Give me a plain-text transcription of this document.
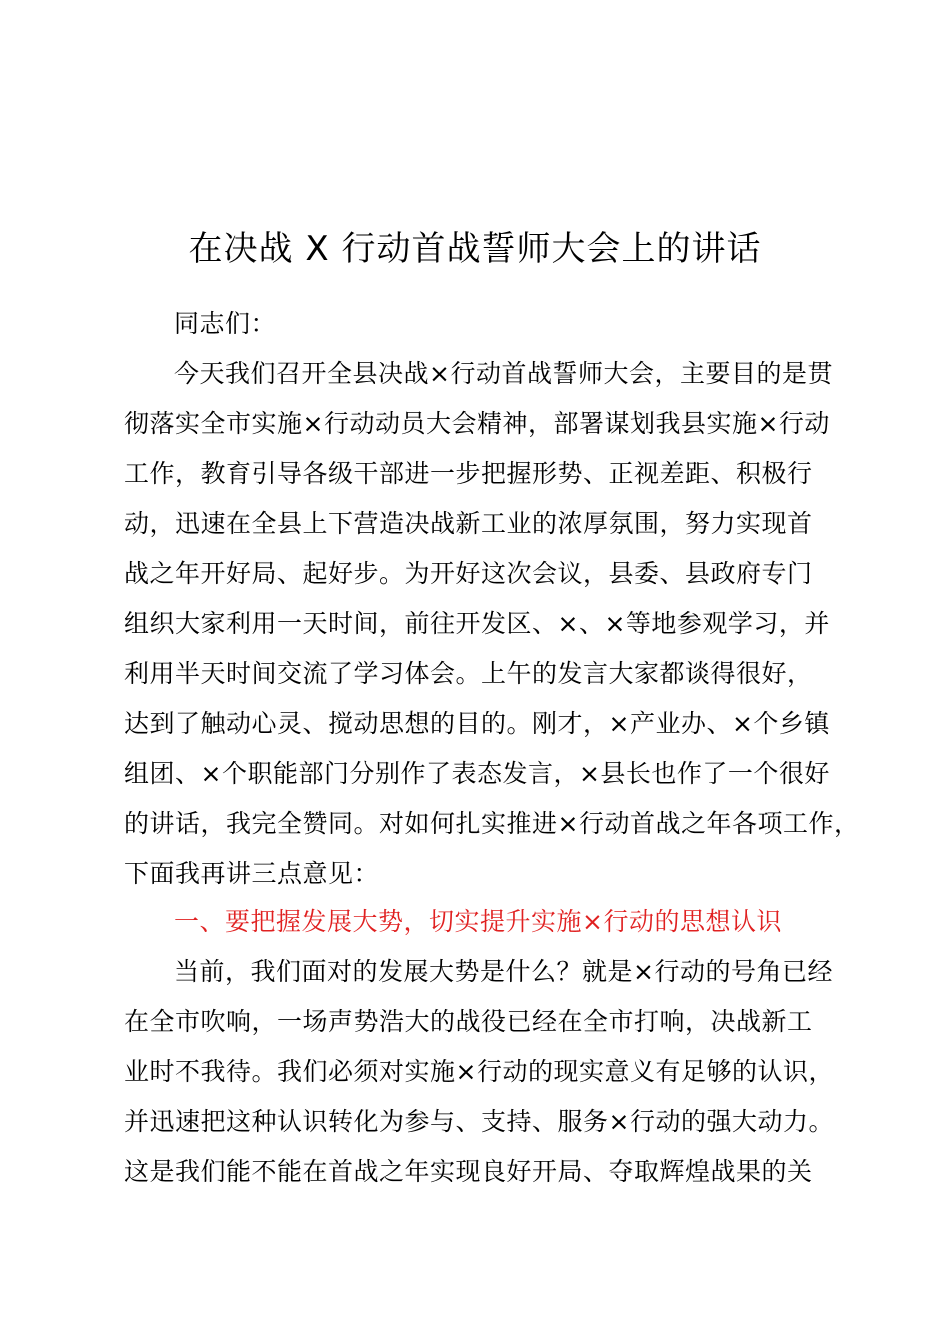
在决战 X 行动首战誓师大会上的讲话
同志们：
今天我们召开全县决战×行动首战誓师大会，主要目的是贯
彻落实全市实施×行动动员大会精神，部署谋划我县实施×行动
工作，教育引导各级干部进一步把握形势、正视差距、积极行
动，迅速在全县上下营造决战新工业的浓厚氛围，努力实现首
战之年开好局、起好步。为开好这次会议，县委、县政府专门
组织大家利用一天时间，前往开发区、×、×等地参观学习，并
利用半天时间交流了学习体会。上午的发言大家都谈得很好，
达到了触动心灵、搅动思想的目的。刚才，×产业办、×个乡镇
组团、×个职能部门分别作了表态发言，×县长也作了一个很好
的讲话，我完全赞同。对如何扎实推进×行动首战之年各项工作，
下面我再讲三点意见：
一、要把握发展大势，切实提升实施×行动的思想认识
当前，我们面对的发展大势是什么？就是×行动的号角已经
在全市吹响，一场声势浩大的战役已经在全市打响，决战新工
业时不我待。我们必须对实施×行动的现实意义有足够的认识，
并迅速把这种认识转化为参与、支持、服务×行动的强大动力。
这是我们能不能在首战之年实现良好开局、夺取辉煌战果的关
